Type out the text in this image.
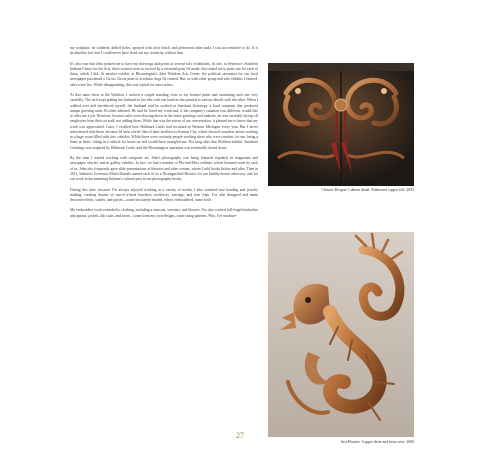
my sculpture, he soldered, drilled holes, sprayed with clear finish, and performed other tasks I was too sensitive to do. It is an absolute fact that I could never have lived out my creativity without him.

It's also true that John pushed me to have my drawings and prints in several solo exhibitions. At one, in Seymour's Southern Indiana Center for the Arts, three women were so excited by a mermaid print I'd made, they asked me to print one for each of them, which I did. At another exhibit, at Bloomington's John Waldron Arts Center, the political cartoonist for our local newspaper purchased a Circus Circus print of acrobatic dogs I'd created. But, as with other group and solo exhibits I entered, sales were few. While disappointing, this was typical for most artists.

At that same show at the Waldron, I noticed a couple standing close to my framed prints and examining each one very carefully. The wife kept poking her husband in the ribs with one hand as she pointed to various details with the other. When I walked over and introduced myself, the husband said he worked at Sunshine Greetings, a local company that produced unique greeting cards I'd often admired. He said he loved my work and, if the company's situation was different, would like to offer me a job. However, because sales were slowing down in the entire greeting-card industry, he was currently laying off employees from their art staff, not adding them. While that was the extent of our conversation, it pleased me to know that my work was appreciated. Later, I recalled how Hallmark Cards had recruited at Western Michigan every year. But I never interviewed with them, because I'd seen a brief film of their facilities in Kansas City, which showed countless artists working in a huge room filled with tiny cubicles. While those were certainly people working there who were creative, for me, being a loner at heart, sitting in a cubicle for hours on end would have strangled me. Not long after that Waldron exhibit, Sunshine Greetings was acquired by Hallmark Cards, and the Bloomington operation was eventually closed down.

By the time I started working with computer art, John's photography was being featured regularly in magazines and newspaper articles, and in gallery exhibits. In fact, we had a number of His-and-Hers exhibits, which featured work by each of us. John also frequently gave slide presentations at libraries and other venues, where I sold books before and after. Then in 2011, Indiana's Governor Mitch Daniels named each of us a Distinguished Hoosier for our healthy-house advocacy, and for our work in documenting Indiana's cultural past in our photography books.

During this time, because I've always enjoyed working in a variety of media, I also ventured into beading and jewelry making, creating dozens of one-of-a-kind bracelets, necklaces, earrings, and hair clips. I've also designed and made decorative belts, sashes, and purses—some intricately beaded, others embroidered, some both.

My embroidery work extended to clothing, including a raincoat, sweaters, and blouses. I've also created full-length bathrobes and aprons, jackets, lab coats, and more—some from my own designs, some using patterns. Plus, I've machine-

Chinese Dragon. Cabinet detail. Embossed copper foil. 2003
Sea Monster. Copper sheet and brass wire. 2006
27
